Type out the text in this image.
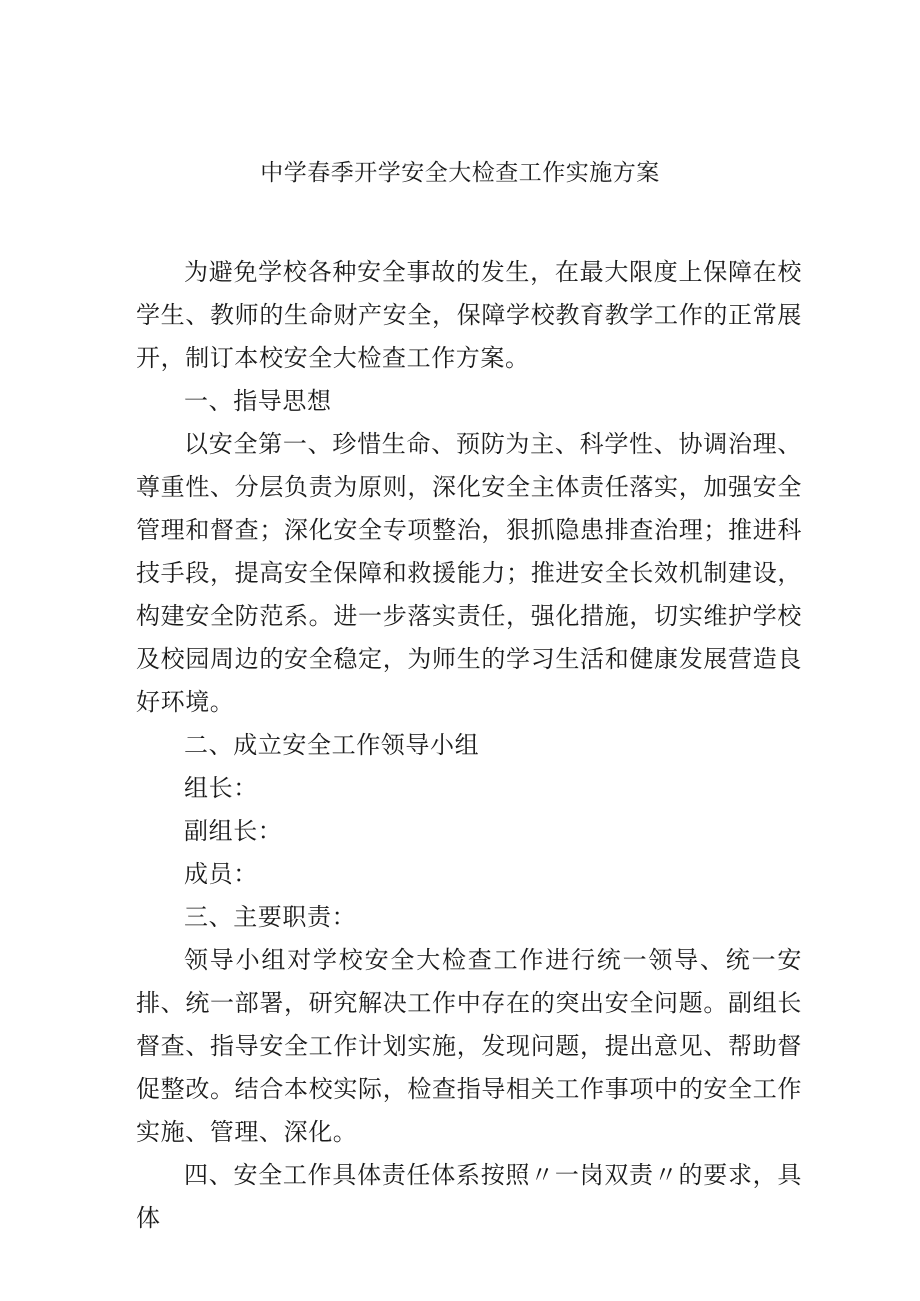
中学春季开学安全大检查工作实施方案

为避免学校各种安全事故的发生，在最大限度上保障在校学生、教师的生命财产安全，保障学校教育教学工作的正常展开，制订本校安全大检查工作方案。

一、指导思想

以安全第一、珍惜生命、预防为主、科学性、协调治理、尊重性、分层负责为原则，深化安全主体责任落实，加强安全管理和督查；深化安全专项整治，狠抓隐患排查治理；推进科技手段，提高安全保障和救援能力；推进安全长效机制建设，构建安全防范系。进一步落实责任，强化措施，切实维护学校及校园周边的安全稳定，为师生的学习生活和健康发展营造良好环境。

二、成立安全工作领导小组

组长：

副组长：

成员：

三、主要职责：

领导小组对学校安全大检查工作进行统一领导、统一安排、统一部署，研究解决工作中存在的突出安全问题。副组长督查、指导安全工作计划实施，发现问题，提出意见、帮助督促整改。结合本校实际，检查指导相关工作事项中的安全工作实施、管理、深化。

四、安全工作具体责任体系按照〃一岗双责〃的要求，具体
